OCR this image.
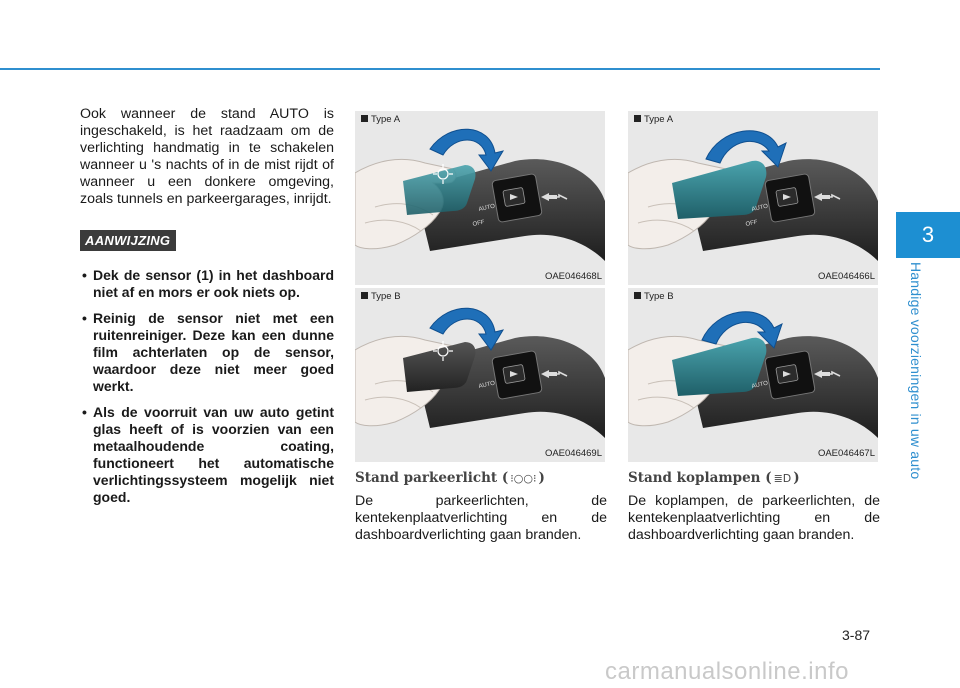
3
Handige voorzieningen in uw auto

Ook wanneer de stand AUTO is ingeschakeld, is het raadzaam om de verlichting handmatig in te schakelen wanneer u 's nachts of in de mist rijdt of wanneer u een donkere omgeving, zoals tunnels en parkeergarages, inrijdt.

AANWIJZING
• Dek de sensor (1) in het dashboard niet af en mors er ook niets op.
• Reinig de sensor niet met een ruitenreiniger. Deze kan een dunne film achterlaten op de sensor, waardoor deze niet meer goed werkt.
• Als de voorruit van uw auto getint glas heeft of is voorzien van een metaalhoudende coating, functioneert het automatische verlichtingssysteem mogelijk niet goed.
AUTO
OFF
Type A
OAE046468L
AUTO
Type B
OAE046469L
AUTO
OFF
Type A
OAE046466L
AUTO
Type B
OAE046467L
Stand parkeerlicht ( ⁝○○⁝ )

De parkeerlichten, de kentekenplaatverlichting en de dashboardverlichting gaan branden.

Stand koplampen ( ≣D )

De koplampen, de parkeerlichten, de kentekenplaatverlichting en de dashboardverlichting gaan branden.

3-87
carmanualsonline.info
